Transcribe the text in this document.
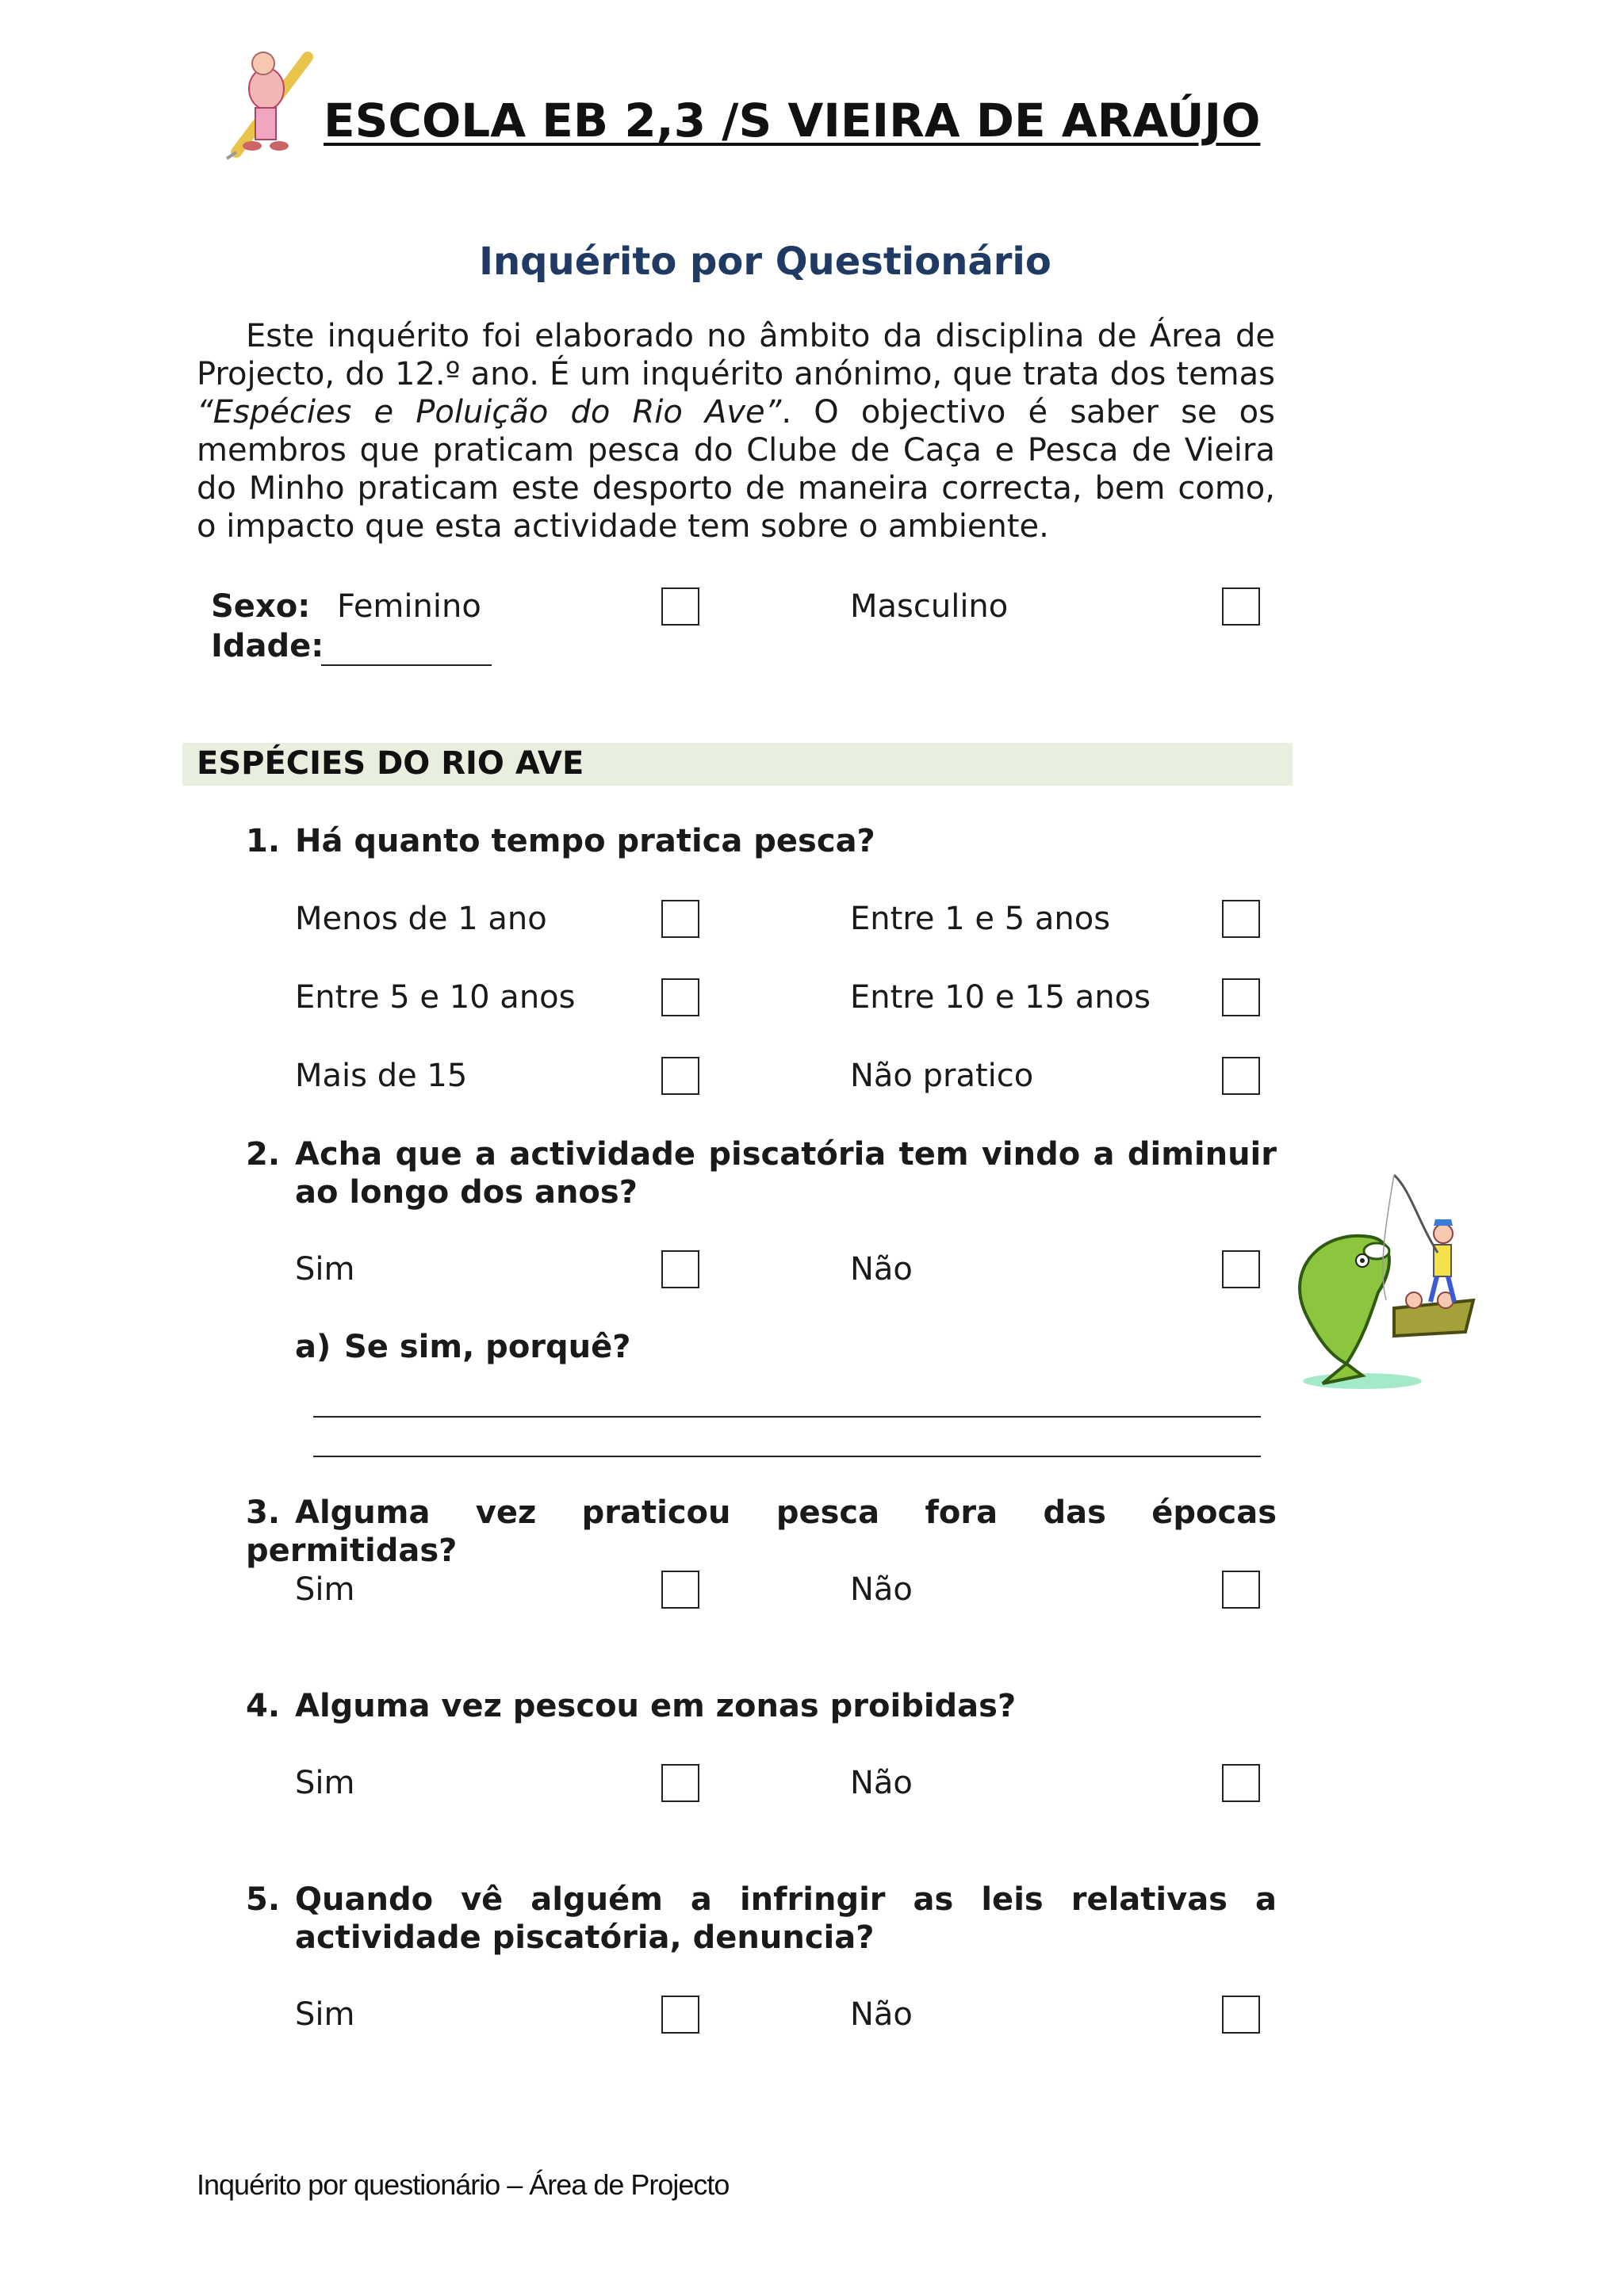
ESCOLA EB 2,3 /S VIEIRA DE ARAÚJO
Inquérito por Questionário

Este inquérito foi elaborado no âmbito da disciplina de Área de Projecto, do 12.º ano. É um inquérito anónimo, que trata dos temas “Espécies e Poluição do Rio Ave”. O objectivo é saber se os membros que praticam pesca do Clube de Caça e Pesca de Vieira do Minho praticam este desporto de maneira correcta, bem como, o impacto que esta actividade tem sobre o ambiente.

Sexo: Feminino	Masculino
Idade:
ESPÉCIES DO RIO AVE

1. Há quanto tempo pratica pesca?

Menos de 1 ano	Entre 1 e 5 anos
Entre 5 e 10 anos	Entre 10 e 15 anos
Mais de 15	Não pratico

2. Acha que a actividade piscatória tem vindo a diminuir ao longo dos anos?

Sim	Não
a) Se sim, porquê?

3. Alguma vez praticou pesca fora das épocas permitidas?

Sim	Não

4. Alguma vez pescou em zonas proibidas?

Sim	Não

5. Quando vê alguém a infringir as leis relativas a actividade piscatória, denuncia?

Sim	Não
Inquérito por questionário – Área de Projecto
